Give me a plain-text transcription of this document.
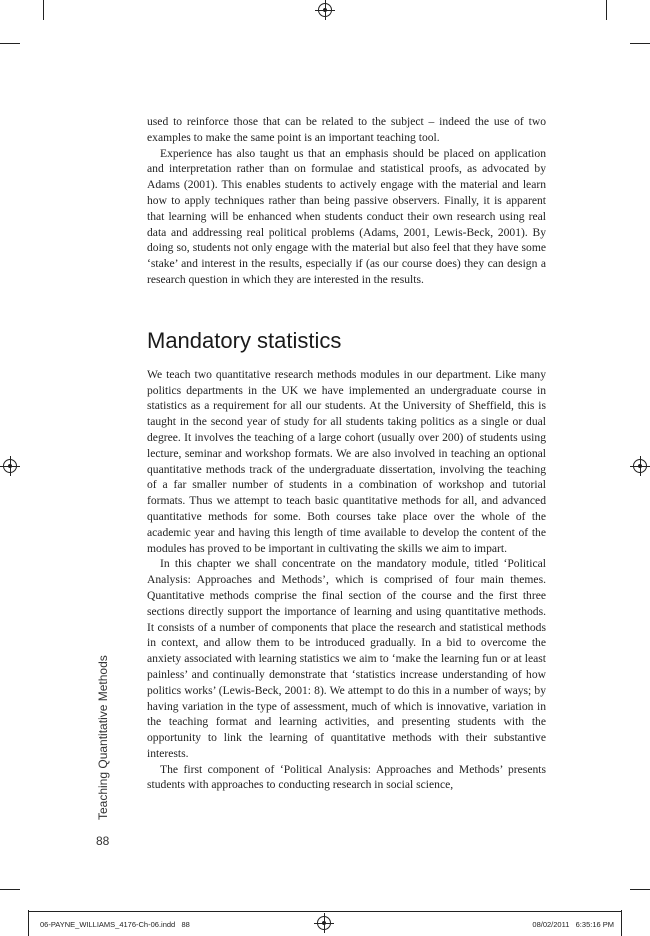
used to reinforce those that can be related to the subject – indeed the use of two examples to make the same point is an important teaching tool.

Experience has also taught us that an emphasis should be placed on application and interpretation rather than on formulae and statistical proofs, as advocated by Adams (2001). This enables students to actively engage with the material and learn how to apply techniques rather than being passive observers. Finally, it is apparent that learning will be enhanced when students conduct their own research using real data and addressing real political problems (Adams, 2001, Lewis-Beck, 2001). By doing so, students not only engage with the material but also feel that they have some ‘stake’ and interest in the results, especially if (as our course does) they can design a research question in which they are interested in the results.

Mandatory statistics

We teach two quantitative research methods modules in our department. Like many politics departments in the UK we have implemented an undergraduate course in statistics as a requirement for all our students. At the University of Sheffield, this is taught in the second year of study for all students taking politics as a single or dual degree. It involves the teaching of a large cohort (usually over 200) of students using lecture, seminar and workshop formats. We are also involved in teaching an optional quantitative methods track of the undergraduate dissertation, involving the teaching of a far smaller number of students in a combination of workshop and tutorial formats. Thus we attempt to teach basic quantitative methods for all, and advanced quantitative methods for some. Both courses take place over the whole of the academic year and having this length of time available to develop the content of the modules has proved to be important in cultivating the skills we aim to impart.

In this chapter we shall concentrate on the mandatory module, titled ‘Political Analysis: Approaches and Methods’, which is comprised of four main themes. Quantitative methods comprise the final section of the course and the first three sections directly support the importance of learning and using quantitative methods. It consists of a number of components that place the research and statistical methods in context, and allow them to be introduced gradually. In a bid to overcome the anxiety associated with learning statistics we aim to ‘make the learning fun or at least painless’ and continually demonstrate that ‘statistics increase understanding of how politics works’ (Lewis-Beck, 2001: 8). We attempt to do this in a number of ways; by having variation in the type of assessment, much of which is innovative, variation in the teaching format and learning activities, and presenting students with the opportunity to link the learning of quantitative methods with their substantive interests.

The first component of ‘Political Analysis: Approaches and Methods’ presents students with approaches to conducting research in social science,

Teaching Quantitative Methods
88
06-PAYNE_WILLIAMS_4176-Ch-06.indd   88	08/02/2011   6:35:16 PM
